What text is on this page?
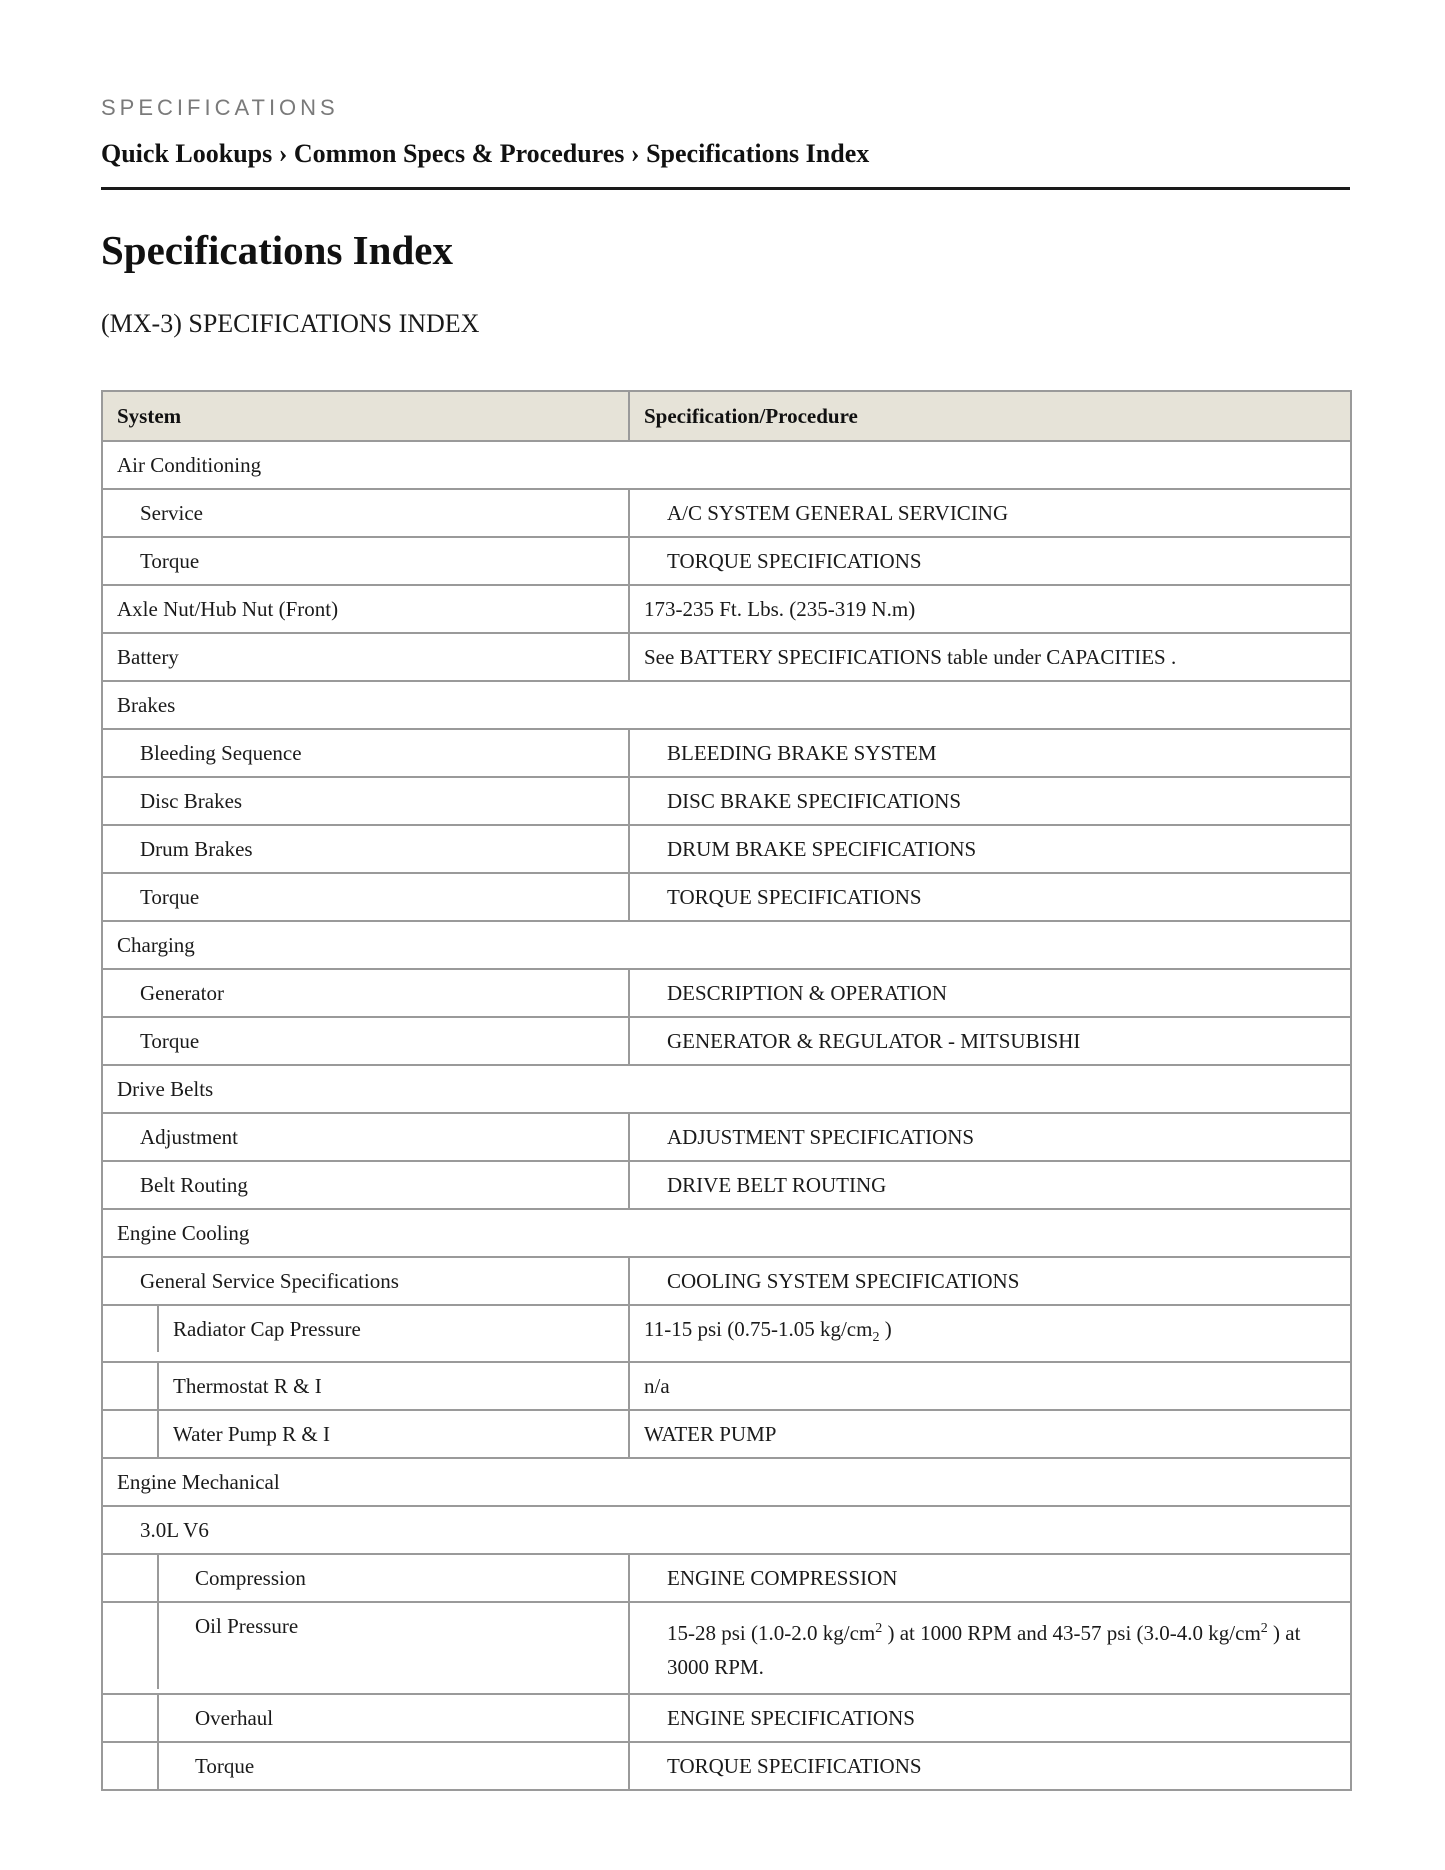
SPECIFICATIONS
Quick Lookups › Common Specs & Procedures › Specifications Index
Specifications Index
(MX-3) SPECIFICATIONS INDEX
System	Specification/Procedure
Air Conditioning	
Service	A/C SYSTEM GENERAL SERVICING
Torque	TORQUE SPECIFICATIONS
Axle Nut/Hub Nut (Front)	173-235 Ft. Lbs. (235-319 N.m)
Battery	See BATTERY SPECIFICATIONS table under CAPACITIES .
Brakes	
Bleeding Sequence	BLEEDING BRAKE SYSTEM
Disc Brakes	DISC BRAKE SPECIFICATIONS
Drum Brakes	DRUM BRAKE SPECIFICATIONS
Torque	TORQUE SPECIFICATIONS
Charging	
Generator	DESCRIPTION & OPERATION
Torque	GENERATOR & REGULATOR - MITSUBISHI
Drive Belts	
Adjustment	ADJUSTMENT SPECIFICATIONS
Belt Routing	DRIVE BELT ROUTING
Engine Cooling	
General Service Specifications	COOLING SYSTEM SPECIFICATIONS

Radiator Cap Pressure	11-15 psi (0.75-1.05 $kg/cm_2$ )

Thermostat R & I	n/a

Water Pump R & I	WATER PUMP
Engine Mechanical	
3.0L V6	

Compression	ENGINE COMPRESSION

Oil Pressure	15-28 psi (1.0-2.0 $kg/cm^2$ ) at 1000 RPM and 43-57 psi (3.0-4.0 $kg/cm^2$ ) at 3000 RPM.

Overhaul	ENGINE SPECIFICATIONS

Torque	TORQUE SPECIFICATIONS
